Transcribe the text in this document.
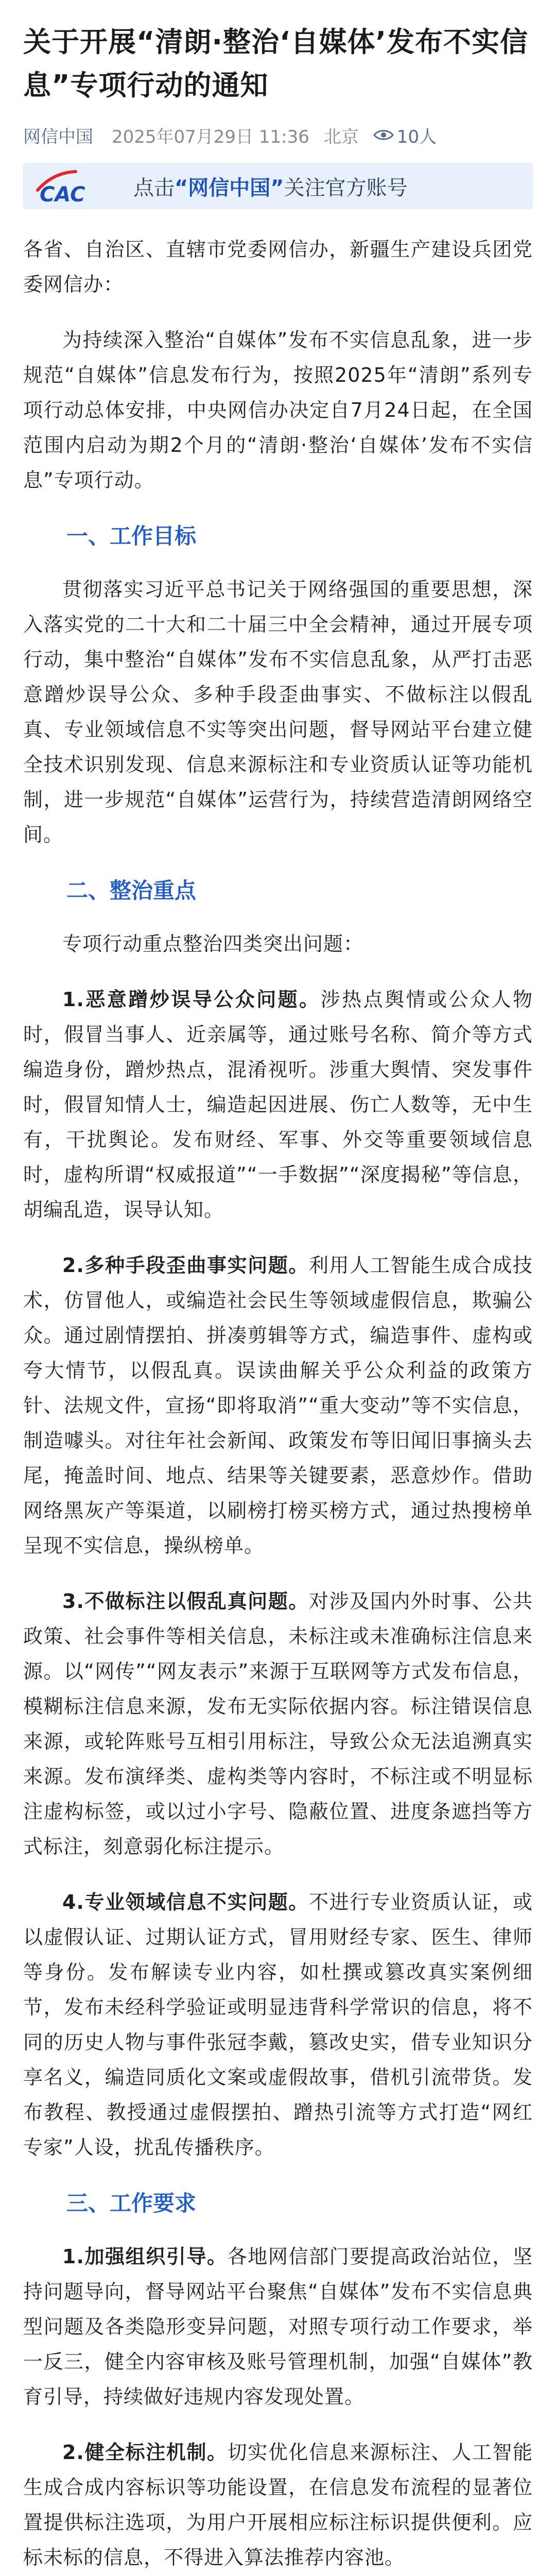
关于开展“清朗·整治‘自媒体’发布不实信息”专项行动的通知
网信中国 2025年07月29日 11:36 北京 10人
CAC 点击“网信中国”关注官方账号

各省、自治区、直辖市党委网信办，新疆生产建设兵团党委网信办：

为持续深入整治“自媒体”发布不实信息乱象，进一步规范“自媒体”信息发布行为，按照2025年“清朗”系列专项行动总体安排，中央网信办决定自7月24日起，在全国范围内启动为期2个月的“清朗·整治‘自媒体’发布不实信息”专项行动。

一、工作目标

贯彻落实习近平总书记关于网络强国的重要思想，深入落实党的二十大和二十届三中全会精神，通过开展专项行动，集中整治“自媒体”发布不实信息乱象，从严打击恶意蹭炒误导公众、多种手段歪曲事实、不做标注以假乱真、专业领域信息不实等突出问题，督导网站平台建立健全技术识别发现、信息来源标注和专业资质认证等功能机制，进一步规范“自媒体”运营行为，持续营造清朗网络空间。

二、整治重点

专项行动重点整治四类突出问题：

1.恶意蹭炒误导公众问题。涉热点舆情或公众人物时，假冒当事人、近亲属等，通过账号名称、简介等方式编造身份，蹭炒热点，混淆视听。涉重大舆情、突发事件时，假冒知情人士，编造起因进展、伤亡人数等，无中生有，干扰舆论。发布财经、军事、外交等重要领域信息时，虚构所谓“权威报道”“一手数据”“深度揭秘”等信息，胡编乱造，误导认知。

2.多种手段歪曲事实问题。利用人工智能生成合成技术，仿冒他人，或编造社会民生等领域虚假信息，欺骗公众。通过剧情摆拍、拼凑剪辑等方式，编造事件、虚构或夸大情节，以假乱真。误读曲解关乎公众利益的政策方针、法规文件，宣扬“即将取消”“重大变动”等不实信息，制造噱头。对往年社会新闻、政策发布等旧闻旧事摘头去尾，掩盖时间、地点、结果等关键要素，恶意炒作。借助网络黑灰产等渠道，以刷榜打榜买榜方式，通过热搜榜单呈现不实信息，操纵榜单。

3.不做标注以假乱真问题。对涉及国内外时事、公共政策、社会事件等相关信息，未标注或未准确标注信息来源。以“网传”“网友表示”来源于互联网等方式发布信息，模糊标注信息来源，发布无实际依据内容。标注错误信息来源，或轮阵账号互相引用标注，导致公众无法追溯真实来源。发布演绎类、虚构类等内容时，不标注或不明显标注虚构标签，或以过小字号、隐蔽位置、进度条遮挡等方式标注，刻意弱化标注提示。

4.专业领域信息不实问题。不进行专业资质认证，或以虚假认证、过期认证方式，冒用财经专家、医生、律师等身份。发布解读专业内容，如杜撰或篡改真实案例细节，发布未经科学验证或明显违背科学常识的信息，将不同的历史人物与事件张冠李戴，篡改史实，借专业知识分享名义，编造同质化文案或虚假故事，借机引流带货。发布教程、教授通过虚假摆拍、蹭热引流等方式打造“网红专家”人设，扰乱传播秩序。

三、工作要求

1.加强组织引导。各地网信部门要提高政治站位，坚持问题导向，督导网站平台聚焦“自媒体”发布不实信息典型问题及各类隐形变异问题，对照专项行动工作要求，举一反三，健全内容审核及账号管理机制，加强“自媒体”教育引导，持续做好违规内容发现处置。

2.健全标注机制。切实优化信息来源标注、人工智能生成合成内容标识等功能设置，在信息发布流程的显著位置提供标注选项，为用户开展相应标注标识提供便利。应标未标的信息，不得进入算法推荐内容池。
